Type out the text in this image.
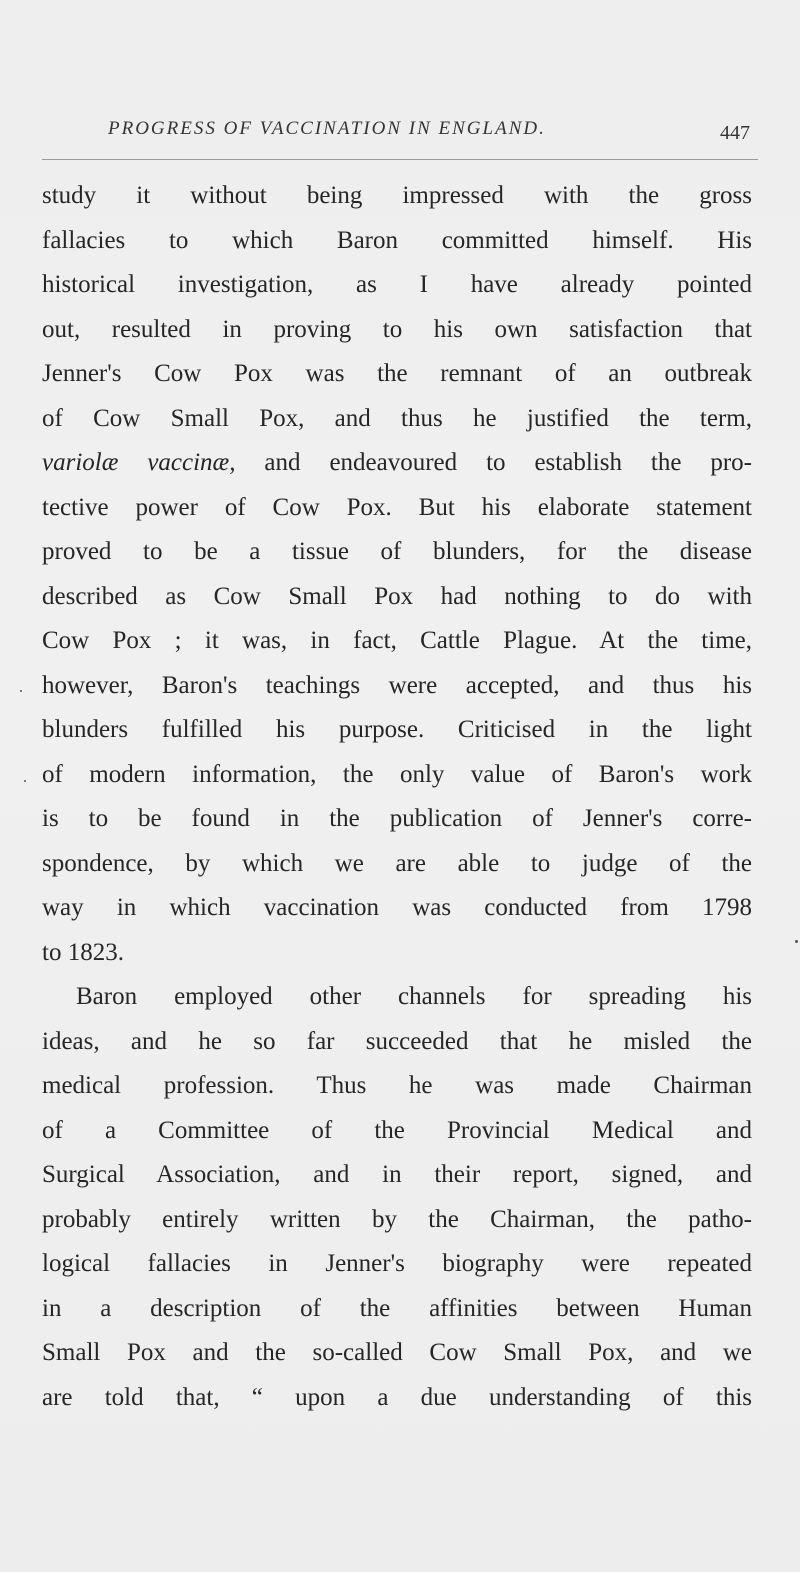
PROGRESS OF VACCINATION IN ENGLAND.	447
study it without being impressed with the gross
fallacies to which Baron committed himself. His
historical investigation, as I have already pointed
out, resulted in proving to his own satisfaction that
Jenner's Cow Pox was the remnant of an outbreak
of Cow Small Pox, and thus he justified the term,
variolæ vaccinæ, and endeavoured to establish the pro-
tective power of Cow Pox. But his elaborate statement
proved to be a tissue of blunders, for the disease
described as Cow Small Pox had nothing to do with
Cow Pox ; it was, in fact, Cattle Plague. At the time,
however, Baron's teachings were accepted, and thus his
blunders fulfilled his purpose. Criticised in the light
of modern information, the only value of Baron's work
is to be found in the publication of Jenner's corre-
spondence, by which we are able to judge of the
way in which vaccination was conducted from 1798
to 1823.
Baron employed other channels for spreading his
ideas, and he so far succeeded that he misled the
medical profession. Thus he was made Chairman
of a Committee of the Provincial Medical and
Surgical Association, and in their report, signed, and
probably entirely written by the Chairman, the patho-
logical fallacies in Jenner's biography were repeated
in a description of the affinities between Human
Small Pox and the so-called Cow Small Pox, and we
are told that, “ upon a due understanding of this
